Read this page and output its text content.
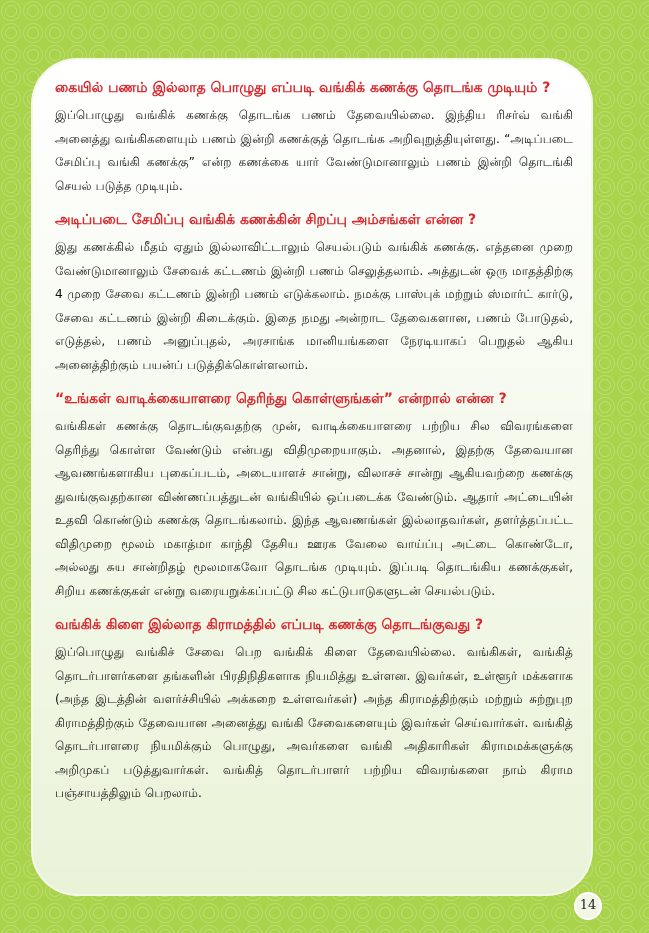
கையில் பணம் இல்லாத பொழுது எப்படி வங்கிக் கணக்கு தொடங்க முடியும் ?

இப்பொழுது வங்கிக் கணக்கு தொடங்க பணம் தேவையில்லை. இந்திய ரிசர்வ் வங்கி அனைத்து வங்கிகளையும் பணம் இன்றி கணக்குத் தொடங்க அறிவுறுத்தியுள்ளது. “அடிப்படை சேமிப்பு வங்கி கணக்கு” என்ற கணக்கை யார் வேண்டுமானாலும் பணம் இன்றி தொடங்கி செயல் படுத்த முடியும்.

அடிப்படை சேமிப்பு வங்கிக் கணக்கின் சிறப்பு அம்சங்கள் என்ன ?

இது கணக்கில் மீதம் ஏதும் இல்லாவிட்டாலும் செயல்படும் வங்கிக் கணக்கு. எத்தனை முறை வேண்டுமானாலும் சேவைக் கட்டணம் இன்றி பணம் செலுத்தலாம். அத்துடன் ஒரு மாதத்திற்கு 4 முறை சேவை கட்டணம் இன்றி பணம் எடுக்கலாம். நமக்கு பாஸ்புக் மற்றும் ஸ்மார்ட் கார்டு, சேவை கட்டணம் இன்றி கிடைக்கும். இதை நமது அன்றாட தேவைகளான, பணம் போடுதல், எடுத்தல், பணம் அனுப்புதல், அரசாங்க மானியங்களை நேரடியாகப் பெறுதல் ஆகிய அனைத்திற்கும் பயன்ப் படுத்திக்கொள்ளலாம்.

“உங்கள் வாடிக்கையாளரை தெரிந்து கொள்ளுங்கள்” என்றால் என்ன ?

வங்கிகள் கணக்கு தொடங்குவதற்கு முன், வாடிக்கையாளரை பற்றிய சில விவரங்களை தெரிந்து கொள்ள வேண்டும் என்பது விதிமுறையாகும். அதனால், இதற்கு தேவையான ஆவணங்களாகிய புகைப்படம், அடையாளச் சான்று, விலாசச் சான்று ஆகியவற்றை கணக்கு துவங்குவதற்கான விண்ணப்பத்துடன் வங்கியில் ஒப்படைக்க வேண்டும். ஆதார் அட்டையின் உதவி கொண்டும் கணக்கு தொடங்கலாம். இந்த ஆவணங்கள் இல்லாதவர்கள், தளர்த்தப்பட்ட விதிமுறை மூலம் மகாத்மா காந்தி தேசிய ஊரக வேலை வாய்ப்பு அட்டை கொண்டோ, அல்லது சுய சான்றிதழ் மூலமாகவோ தொடங்க முடியும். இப்படி தொடங்கிய கணக்குகள், சிறிய கணக்குகள் என்று வரையறுக்கப்பட்டு சில கட்டுபாடுகளுடன் செயல்படும்.

வங்கிக் கிளை இல்லாத கிராமத்தில் எப்படி கணக்கு தொடங்குவது ?

இப்பொழுது வங்கிச் சேவை பெற வங்கிக் கிளை தேவையில்லை. வங்கிகள், வங்கித் தொடர்பாளர்களை தங்களின் பிரதிநிதிகளாக நியமித்து உள்ளன. இவர்கள், உள்ளூர் மக்களாக (அந்த இடத்தின் வளர்ச்சியில் அக்கறை உள்ளவர்கள்) அந்த கிராமத்திற்கும் மற்றும் சுற்றுபுற கிராமத்திற்கும் தேவையான அனைத்து வங்கி சேவைகளையும் இவர்கள் செய்வார்கள். வங்கித் தொடர்பாளரை நியமிக்கும் பொழுது, அவர்களை வங்கி அதிகாரிகள் கிராமமக்களுக்கு அறிமுகப் படுத்துவார்கள். வங்கித் தொடர்பாளர் பற்றிய விவரங்களை நாம் கிராம பஞ்சாயத்திலும் பெறலாம்.

14
